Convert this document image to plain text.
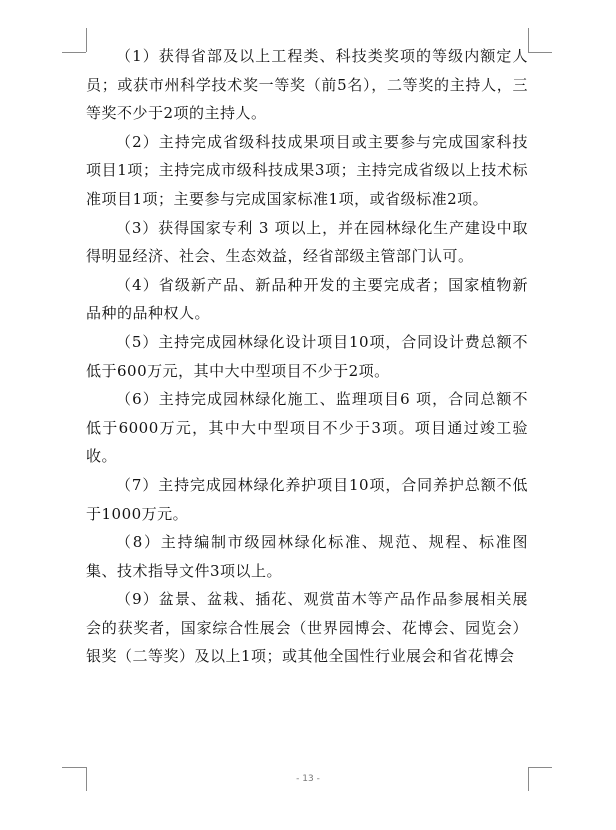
（1）获得省部及以上工程类、科技类奖项的等级内额定人员；或获市州科学技术奖一等奖（前5名），二等奖的主持人，三等奖不少于2项的主持人。

（2）主持完成省级科技成果项目或主要参与完成国家科技项目1项；主持完成市级科技成果3项；主持完成省级以上技术标准项目1项；主要参与完成国家标准1项，或省级标准2项。

（3）获得国家专利 3 项以上，并在园林绿化生产建设中取得明显经济、社会、生态效益，经省部级主管部门认可。

（4）省级新产品、新品种开发的主要完成者；国家植物新品种的品种权人。

（5）主持完成园林绿化设计项目10项，合同设计费总额不低于600万元，其中大中型项目不少于2项。

（6）主持完成园林绿化施工、监理项目6 项，合同总额不低于6000万元，其中大中型项目不少于3项。项目通过竣工验收。

（7）主持完成园林绿化养护项目10项，合同养护总额不低于1000万元。

（8）主持编制市级园林绿化标准、规范、规程、标准图集、技术指导文件3项以上。

（9）盆景、盆栽、插花、观赏苗木等产品作品参展相关展会的获奖者，国家综合性展会（世界园博会、花博会、园览会）银奖（二等奖）及以上1项；或其他全国性行业展会和省花博会

- 13 -
